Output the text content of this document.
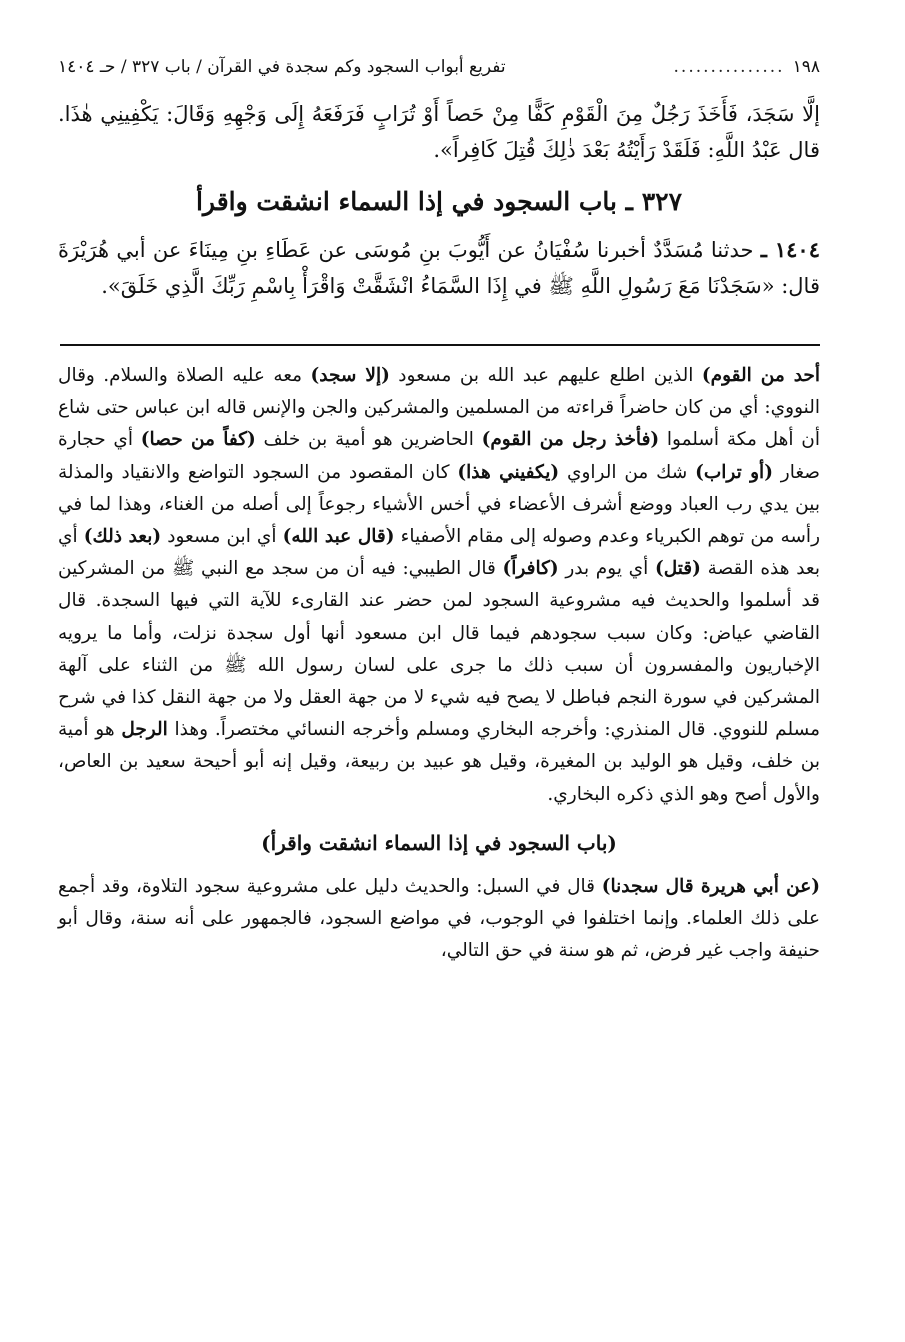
١٩٨
...............
تفريع أبواب السجود وكم سجدة في القرآن / باب ٣٢٧ / حـ ١٤٠٤

إلَّا سَجَدَ، فَأَخَذَ رَجُلٌ مِنَ الْقَوْمِ كَفًّا مِنْ حَصاً أَوْ تُرَابٍ فَرَفَعَهُ إِلَى وَجْهِهِ وَقَالَ: يَكْفِينِي هٰذَا. قال عَبْدُ اللَّهِ: فَلَقَدْ رَأَيْتُهُ بَعْدَ ذٰلِكَ قُتِلَ كَافِراً».

٣٢٧ ـ باب السجود في إذا السماء انشقت واقرأ

١٤٠٤ ـ حدثنا مُسَدَّدٌ أخبرنا سُفْيَانُ عن أَيُّوبَ بنِ مُوسَى عن عَطَاءِ بنِ مِينَاءَ عن أبي هُرَيْرَةَ قال: «سَجَدْنَا مَعَ رَسُولِ اللَّهِ ﷺ في إِذَا السَّمَاءُ انْشَقَّتْ وَاقْرَأْ بِاسْمِ رَبِّكَ الَّذِي خَلَقَ».

أحد من القوم) الذين اطلع عليهم عبد الله بن مسعود (إلا سجد) معه عليه الصلاة والسلام. وقال النووي: أي من كان حاضراً قراءته من المسلمين والمشركين والجن والإنس قاله ابن عباس حتى شاع أن أهل مكة أسلموا (فأخذ رجل من القوم) الحاضرين هو أمية بن خلف (كفاً من حصا) أي حجارة صغار (أو تراب) شك من الراوي (يكفيني هذا) كان المقصود من السجود التواضع والانقياد والمذلة بين يدي رب العباد ووضع أشرف الأعضاء في أخس الأشياء رجوعاً إلى أصله من الغناء، وهذا لما في رأسه من توهم الكبرياء وعدم وصوله إلى مقام الأصفياء (قال عبد الله) أي ابن مسعود (بعد ذلك) أي بعد هذه القصة (قتل) أي يوم بدر (كافراً) قال الطيبي: فيه أن من سجد مع النبي ﷺ من المشركين قد أسلموا والحديث فيه مشروعية السجود لمن حضر عند القارىء للآية التي فيها السجدة. قال القاضي عياض: وكان سبب سجودهم فيما قال ابن مسعود أنها أول سجدة نزلت، وأما ما يرويه الإخباريون والمفسرون أن سبب ذلك ما جرى على لسان رسول الله ﷺ من الثناء على آلهة المشركين في سورة النجم فباطل لا يصح فيه شيء لا من جهة العقل ولا من جهة النقل كذا في شرح مسلم للنووي. قال المنذري: وأخرجه البخاري ومسلم وأخرجه النسائي مختصراً. وهذا الرجل هو أمية بن خلف، وقيل هو الوليد بن المغيرة، وقيل هو عبيد بن ربيعة، وقيل إنه أبو أحيحة سعيد بن العاص، والأول أصح وهو الذي ذكره البخاري.

(باب السجود في إذا السماء انشقت واقرأ)

(عن أبي هريرة قال سجدنا) قال في السبل: والحديث دليل على مشروعية سجود التلاوة، وقد أجمع على ذلك العلماء. وإنما اختلفوا في الوجوب، في مواضع السجود، فالجمهور على أنه سنة، وقال أبو حنيفة واجب غير فرض، ثم هو سنة في حق التالي،
